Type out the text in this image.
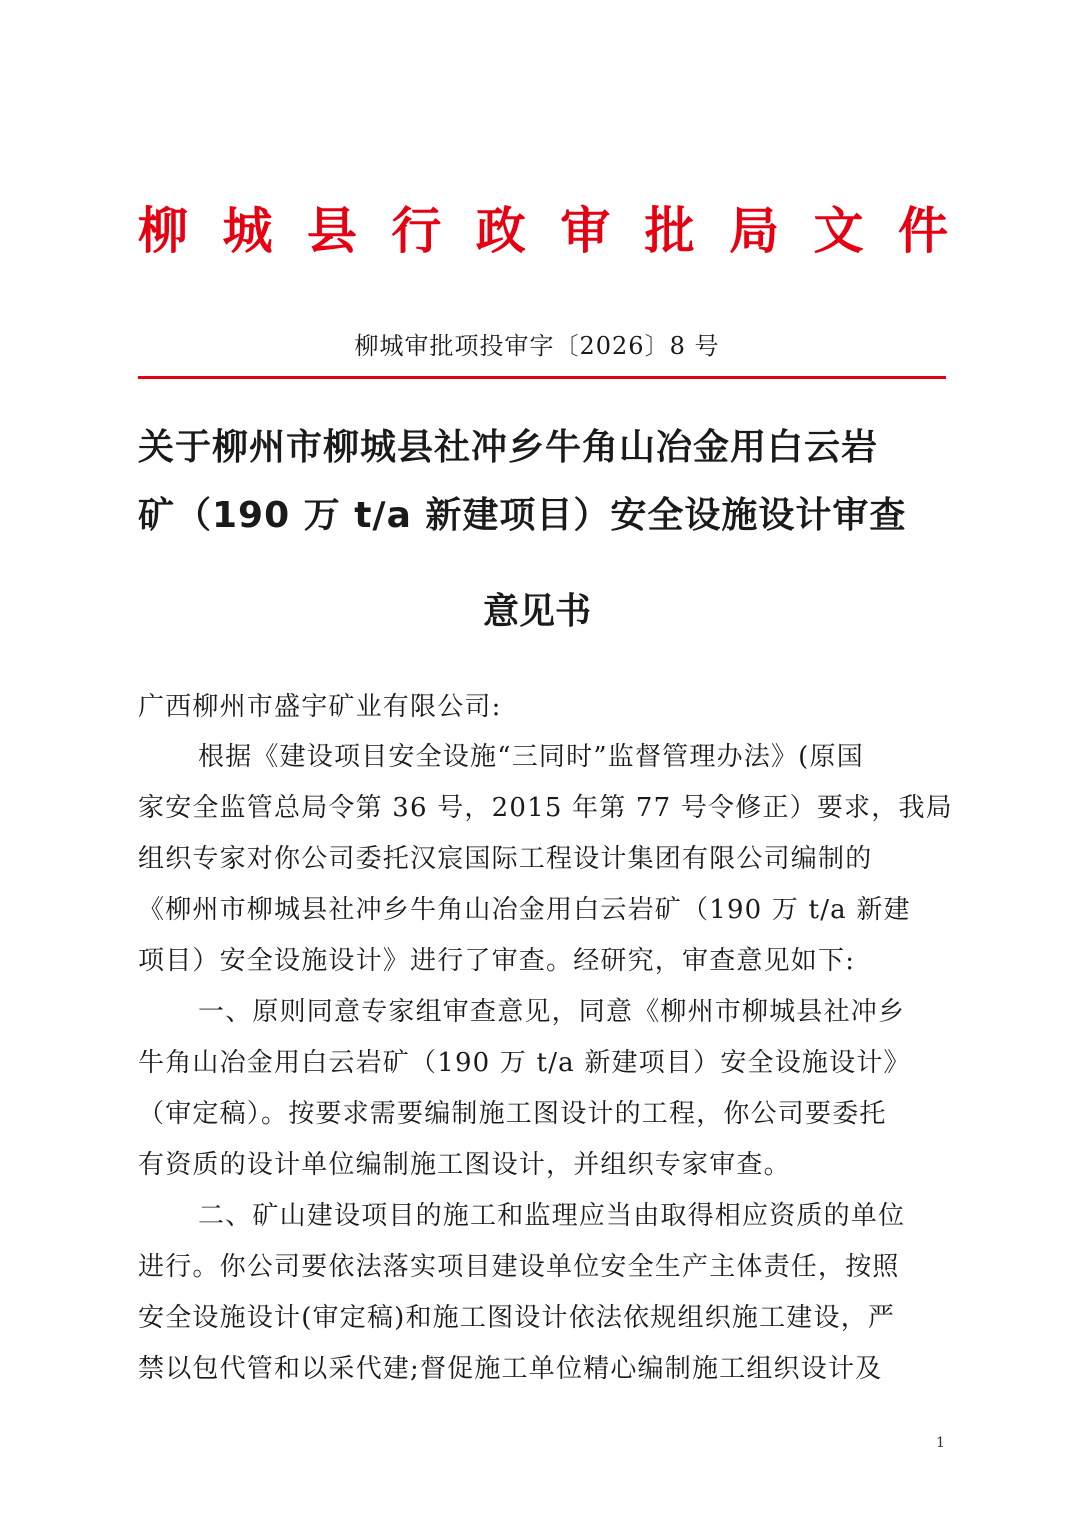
柳 城 县 行 政 审 批 局 文 件
柳城审批项投审字〔2026〕8 号
关于柳州市柳城县社冲乡牛角山冶金用白云岩
矿（190 万 t/a 新建项目）安全设施设计审查
意见书
广西柳州市盛宇矿业有限公司:
根据《建设项目安全设施“三同时”监督管理办法》(原国
家安全监管总局令第 36 号，2015 年第 77 号令修正）要求，我局
组织专家对你公司委托汉宸国际工程设计集团有限公司编制的
《柳州市柳城县社冲乡牛角山冶金用白云岩矿（190 万 t/a 新建
项目）安全设施设计》进行了审查。经研究，审查意见如下:
一、原则同意专家组审查意见，同意《柳州市柳城县社冲乡
牛角山冶金用白云岩矿（190 万 t/a 新建项目）安全设施设计》
（审定稿）。按要求需要编制施工图设计的工程，你公司要委托
有资质的设计单位编制施工图设计，并组织专家审查。
二、矿山建设项目的施工和监理应当由取得相应资质的单位
进行。你公司要依法落实项目建设单位安全生产主体责任，按照
安全设施设计(审定稿)和施工图设计依法依规组织施工建设，严
禁以包代管和以采代建;督促施工单位精心编制施工组织设计及
1
